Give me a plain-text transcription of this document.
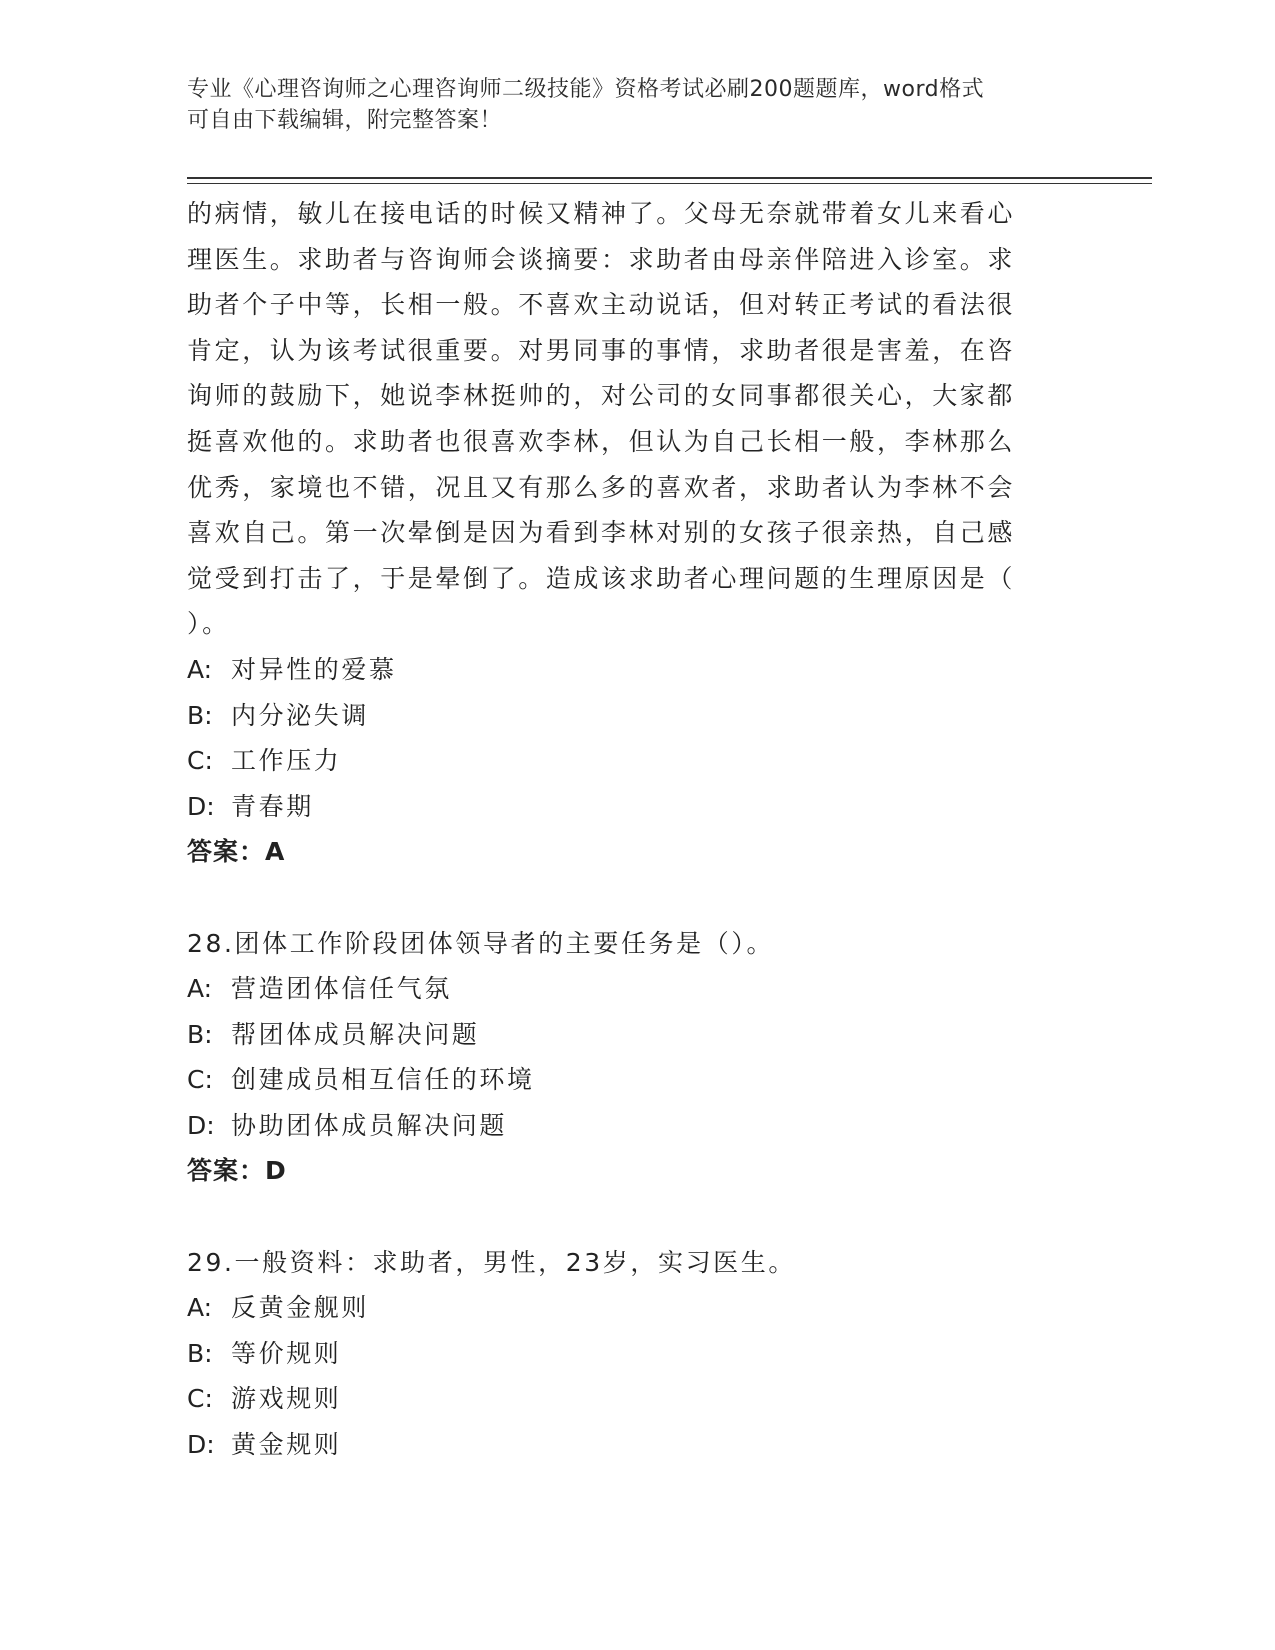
专业《心理咨询师之心理咨询师二级技能》资格考试必刷200题题库，word格式
可自由下载编辑，附完整答案！

的病情，敏儿在接电话的时候又精神了。父母无奈就带着女儿来看心

理医生。求助者与咨询师会谈摘要：求助者由母亲伴陪进入诊室。求

助者个子中等，长相一般。不喜欢主动说话，但对转正考试的看法很

肯定，认为该考试很重要。对男同事的事情，求助者很是害羞，在咨

询师的鼓励下，她说李林挺帅的，对公司的女同事都很关心，大家都

挺喜欢他的。求助者也很喜欢李林，但认为自己长相一般，李林那么

优秀，家境也不错，况且又有那么多的喜欢者，求助者认为李林不会

喜欢自己。第一次晕倒是因为看到李林对别的女孩子很亲热，自己感

觉受到打击了，于是晕倒了。造成该求助者心理问题的生理原因是（

）。

A: 对异性的爱慕

B: 内分泌失调

C: 工作压力

D: 青春期

答案：A

28.团体工作阶段团体领导者的主要任务是（）。

A: 营造团体信任气氛

B: 帮团体成员解决问题

C: 创建成员相互信任的环境

D: 协助团体成员解决问题

答案：D

29.一般资料：求助者，男性，23岁，实习医生。

A: 反黄金舰则

B: 等价规则

C: 游戏规则

D: 黄金规则
